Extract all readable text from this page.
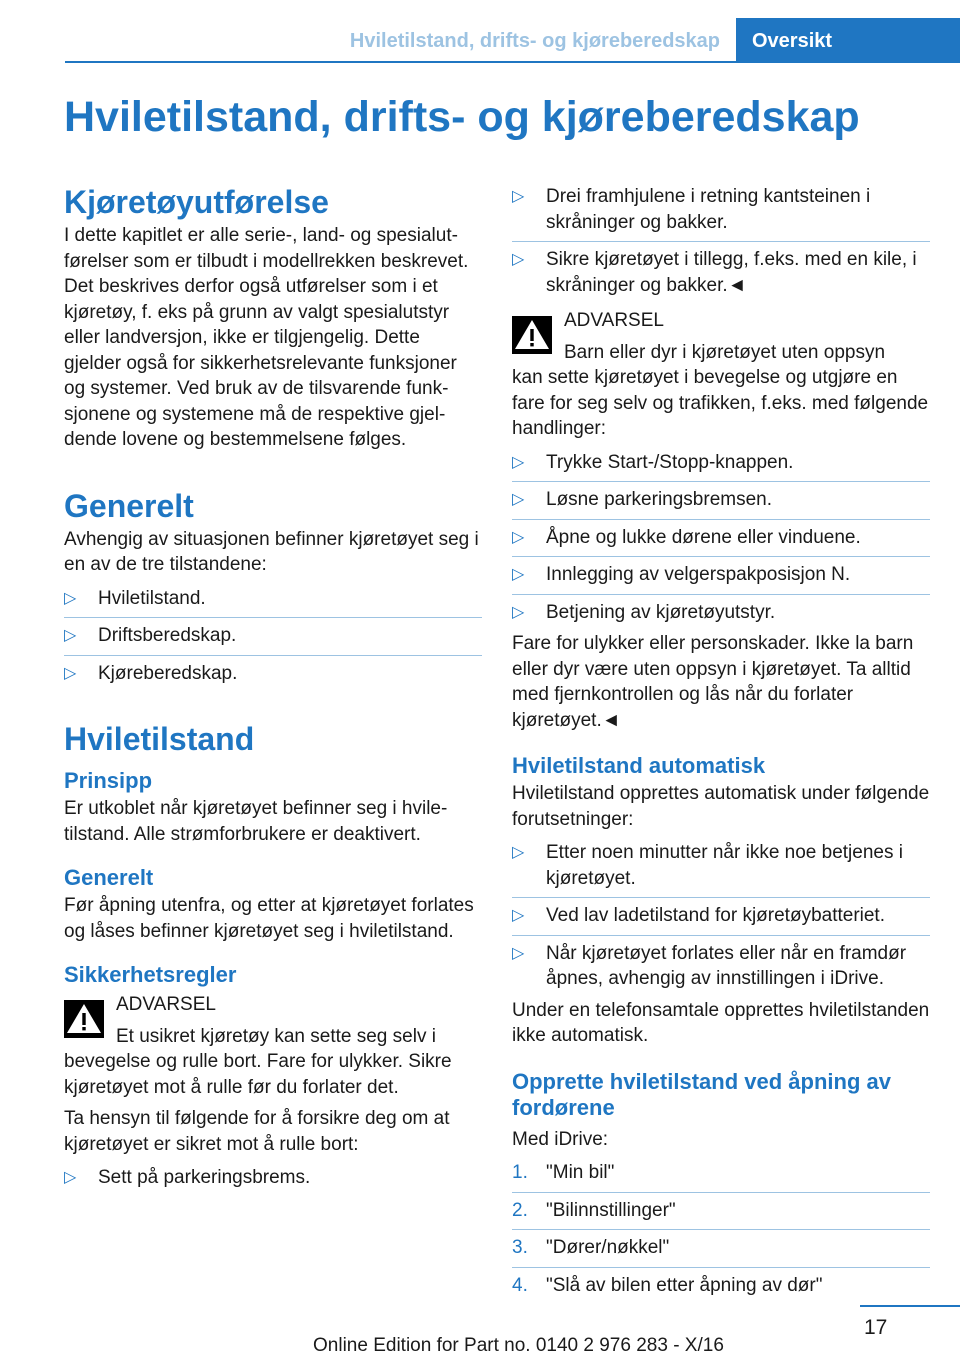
Hviletilstand, drifts- og kjøreberedskap	Oversikt
Hviletilstand, drifts- og kjøreberedskap
Kjøretøyutførelse
I dette kapitlet er alle serie-, land- og spesialutførelser som er tilbudt i modellrekken beskrevet. Det beskrives derfor også utførelser som i et kjøretøy, f. eks på grunn av valgt spesialutstyr eller landversjon, ikke er tilgjengelig. Dette gjelder også for sikkerhetsrelevante funksjoner og systemer. Ved bruk av de tilsvarende funksjonene og systemene må de respektive gjeldende lovene og bestemmelsene følges.
Generelt
Avhengig av situasjonen befinner kjøretøyet seg i en av de tre tilstandene:
▷	Hviletilstand.
▷	Driftsberedskap.
▷	Kjøreberedskap.
Hviletilstand
Prinsipp
Er utkoblet når kjøretøyet befinner seg i hviletilstand. Alle strømforbrukere er deaktivert.
Generelt
Før åpning utenfra, og etter at kjøretøyet forlates og låses befinner kjøretøyet seg i hviletilstand.
Sikkerhetsregler
ADVARSEL
Et usikret kjøretøy kan sette seg selv i
bevegelse og rulle bort. Fare for ulykker. Sikre kjøretøyet mot å rulle før du forlater det.
Ta hensyn til følgende for å forsikre deg om at kjøretøyet er sikret mot å rulle bort:
▷	Sett på parkeringsbrems.
▷	Drei framhjulene i retning kantsteinen i skråninger og bakker.
▷	Sikre kjøretøyet i tillegg, f.eks. med en kile, i skråninger og bakker.◄
ADVARSEL
Barn eller dyr i kjøretøyet uten oppsyn
kan sette kjøretøyet i bevegelse og utgjøre en fare for seg selv og trafikken, f.eks. med følgende handlinger:
▷	Trykke Start-/Stopp-knappen.
▷	Løsne parkeringsbremsen.
▷	Åpne og lukke dørene eller vinduene.
▷	Innlegging av velgerspakposisjon N.
▷	Betjening av kjøretøyutstyr.
Fare for ulykker eller personskader. Ikke la barn eller dyr være uten oppsyn i kjøretøyet. Ta alltid med fjernkontrollen og lås når du forlater kjøretøyet.◄
Hviletilstand automatisk
Hviletilstand opprettes automatisk under følgende forutsetninger:
▷	Etter noen minutter når ikke noe betjenes i kjøretøyet.
▷	Ved lav ladetilstand for kjøretøybatteriet.
▷	Når kjøretøyet forlates eller når en framdør åpnes, avhengig av innstillingen i iDrive.
Under en telefonsamtale opprettes hviletilstanden ikke automatisk.
Opprette hviletilstand ved åpning av fordørene
Med iDrive:
1. "Min bil"
2. "Bilinnstillinger"
3. "Dører/nøkkel"
4. "Slå av bilen etter åpning av dør"
17
Online Edition for Part no. 0140 2 976 283 - X/16
